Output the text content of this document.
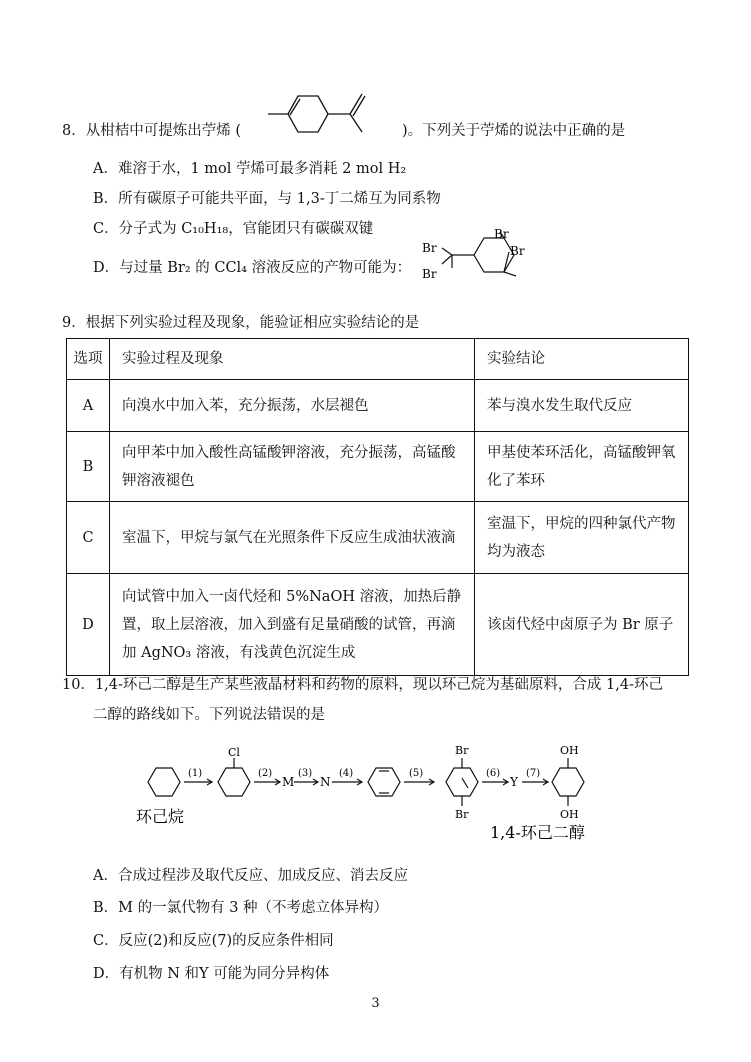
8．从柑桔中可提炼出苧烯 (	)。下列关于苧烯的说法中正确的是
A．难溶于水，1 mol 苧烯可最多消耗 2 mol H₂
B．所有碳原子可能共平面，与 1,3-丁二烯互为同系物
C．分子式为 C₁₀H₁₈，官能团只有碳碳双键
D．与过量 Br₂ 的 CCl₄ 溶液反应的产物可能为：
Br
Br
Br
Br
9．根据下列实验过程及现象，能验证相应实验结论的是
选项	实验过程及现象	实验结论
A	向溴水中加入苯，充分振荡，水层褪色	苯与溴水发生取代反应
B	向甲苯中加入酸性高锰酸钾溶液，充分振荡，高锰酸钾溶液褪色	甲基使苯环活化，高锰酸钾氧化了苯环
C	室温下，甲烷与氯气在光照条件下反应生成油状液滴	室温下，甲烷的四种氯代产物均为液态
D	向试管中加入一卤代烃和 5%NaOH 溶液，加热后静置，取上层溶液，加入到盛有足量硝酸的试管，再滴加 AgNO₃ 溶液，有浅黄色沉淀生成	该卤代烃中卤原子为 Br 原子
10．1,4-环己二醇是生产某些液晶材料和药物的原料，现以环己烷为基础原料，合成 1,4-环己
二醇的路线如下。下列说法错误的是
(1)
Cl
(2)
M
(3)
N
(4)	(5)
Br
Br
(6)
Y
(7)
OH
OH
环己烷
1,4-环己二醇
A．合成过程涉及取代反应、加成反应、消去反应
B．M 的一氯代物有 3 种（不考虑立体异构）
C．反应(2)和反应(7)的反应条件相同
D．有机物 N 和Y 可能为同分异构体
3
